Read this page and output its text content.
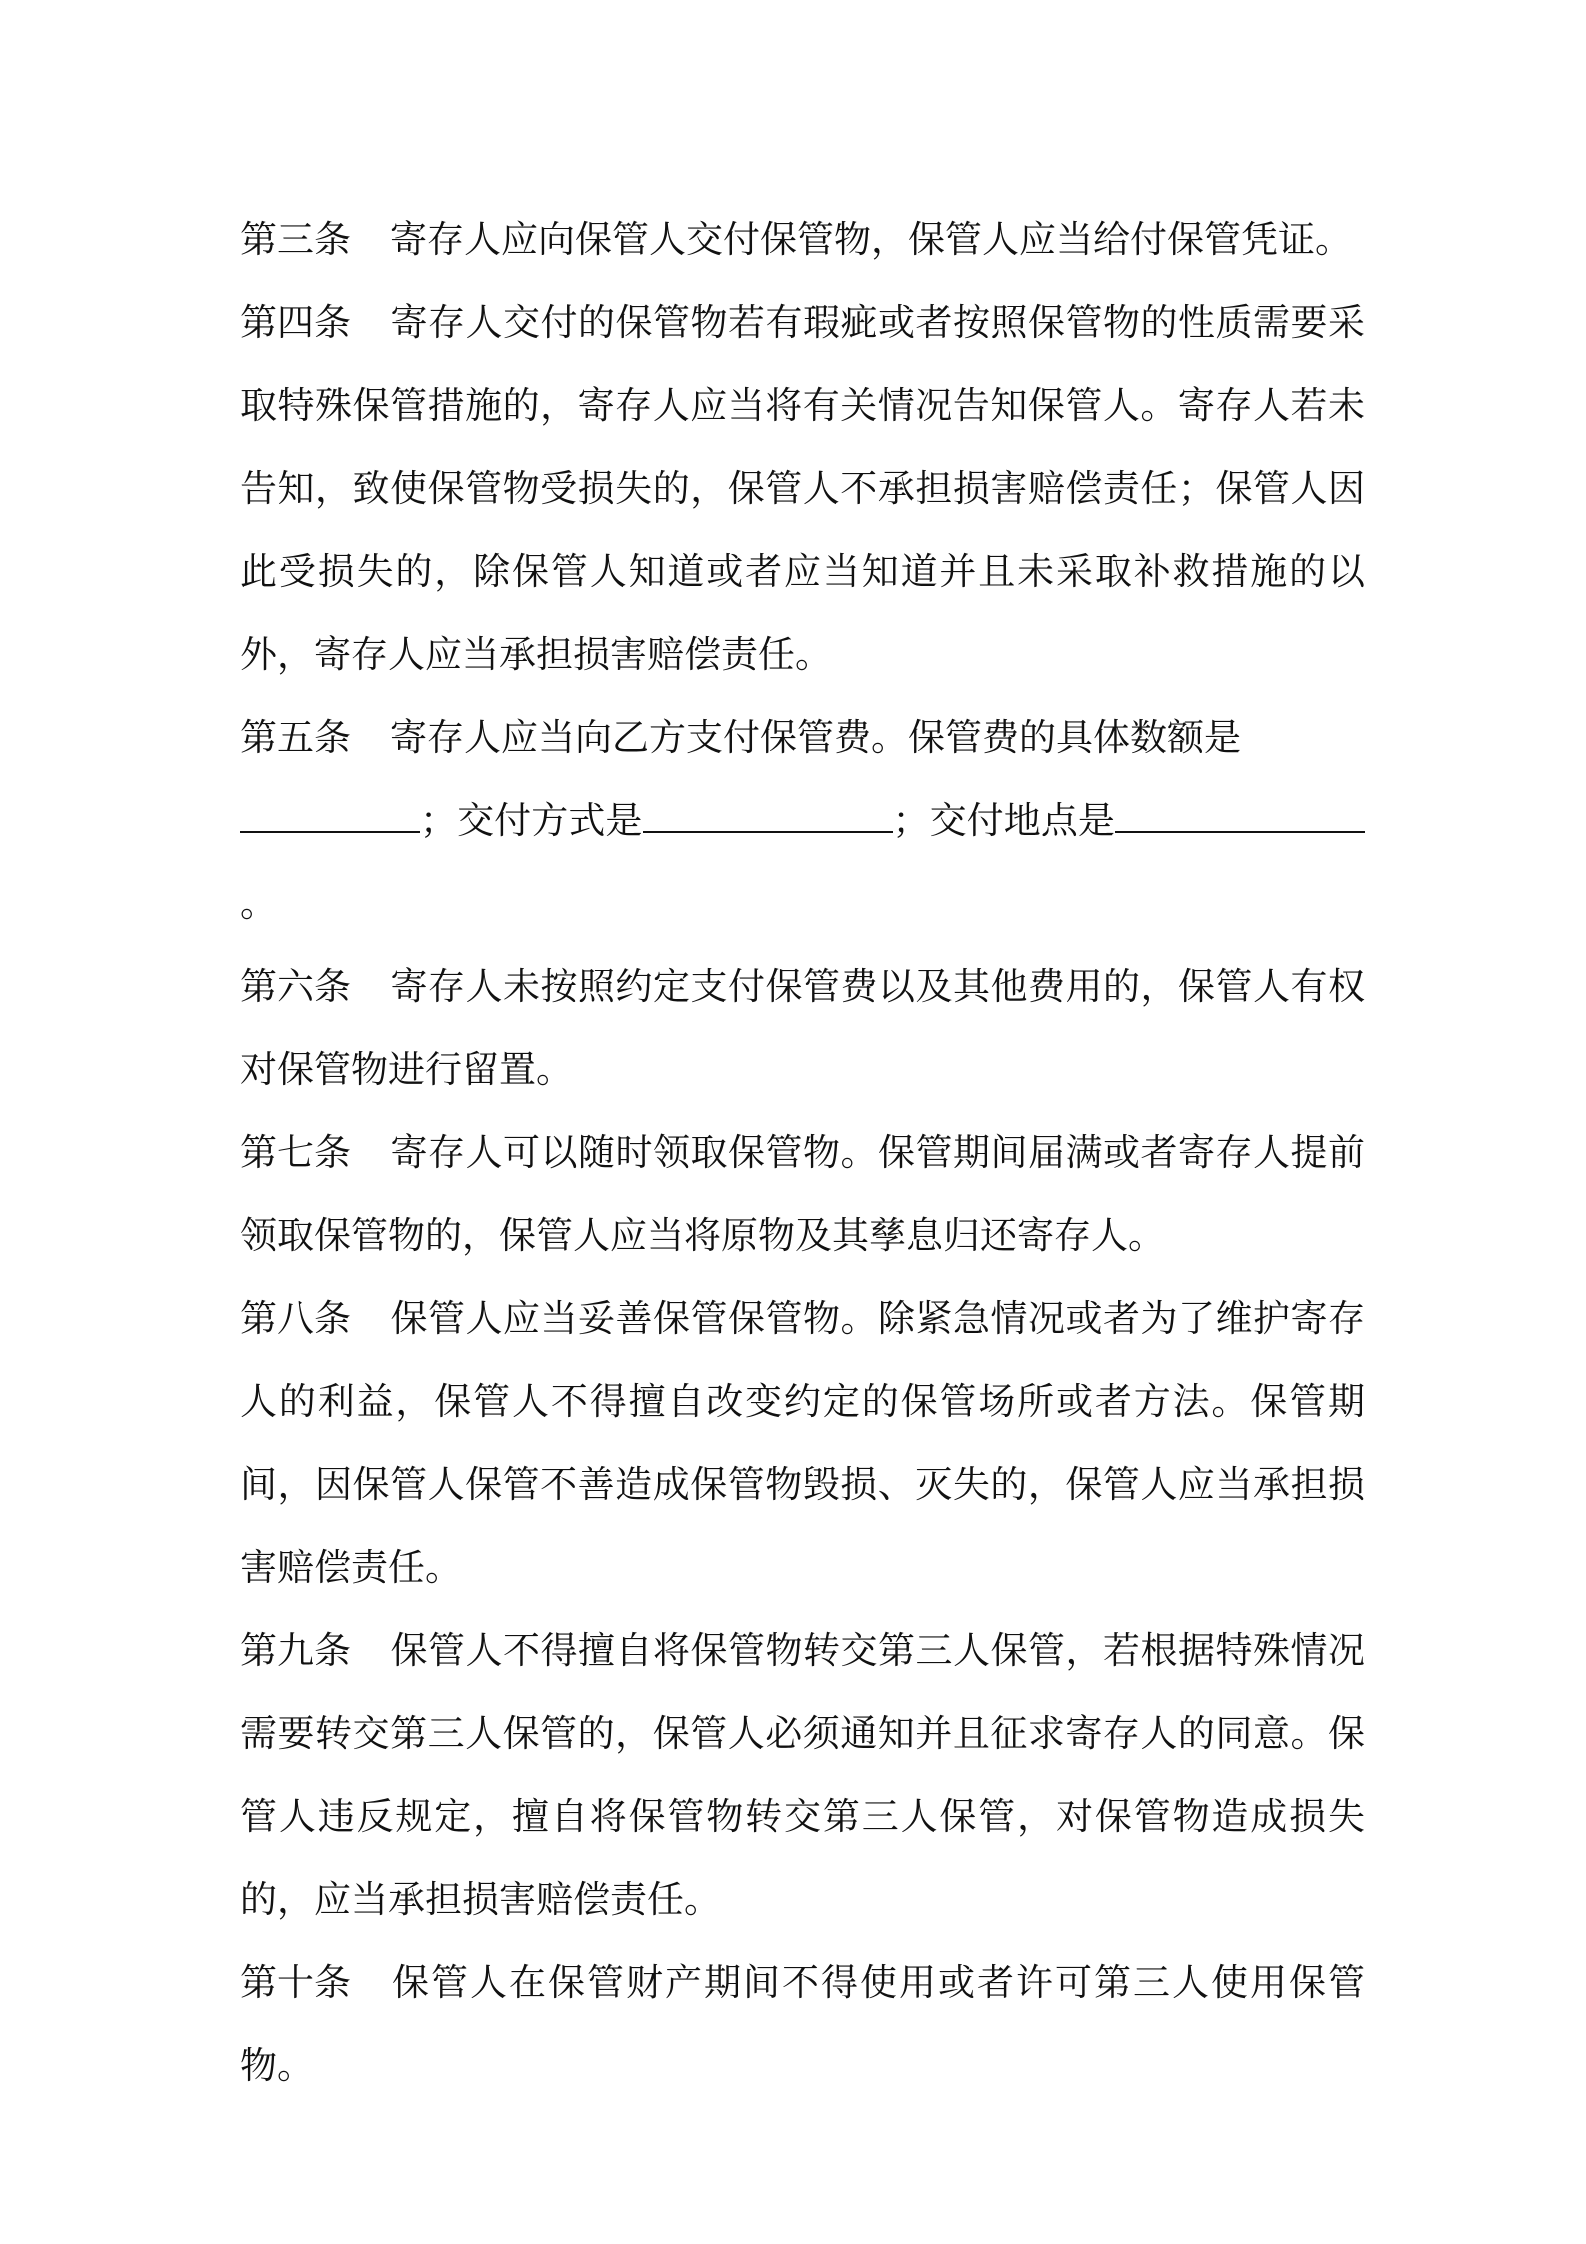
第三条 寄存人应向保管人交付保管物，保管人应当给付保管凭证。

第四条 寄存人交付的保管物若有瑕疵或者按照保管物的性质需要采取特殊保管措施的，寄存人应当将有关情况告知保管人。寄存人若未告知，致使保管物受损失的，保管人不承担损害赔偿责任；保管人因此受损失的，除保管人知道或者应当知道并且未采取补救措施的以外，寄存人应当承担损害赔偿责任。

第五条 寄存人应当向乙方支付保管费。保管费的具体数额是
；交付方式是	；交付地点是。

第六条 寄存人未按照约定支付保管费以及其他费用的，保管人有权对保管物进行留置。

第七条 寄存人可以随时领取保管物。保管期间届满或者寄存人提前领取保管物的，保管人应当将原物及其孳息归还寄存人。

第八条 保管人应当妥善保管保管物。除紧急情况或者为了维护寄存人的利益，保管人不得擅自改变约定的保管场所或者方法。保管期间，因保管人保管不善造成保管物毁损、灭失的，保管人应当承担损害赔偿责任。

第九条 保管人不得擅自将保管物转交第三人保管，若根据特殊情况需要转交第三人保管的，保管人必须通知并且征求寄存人的同意。保管人违反规定，擅自将保管物转交第三人保管，对保管物造成损失的，应当承担损害赔偿责任。

第十条 保管人在保管财产期间不得使用或者许可第三人使用保管物。
